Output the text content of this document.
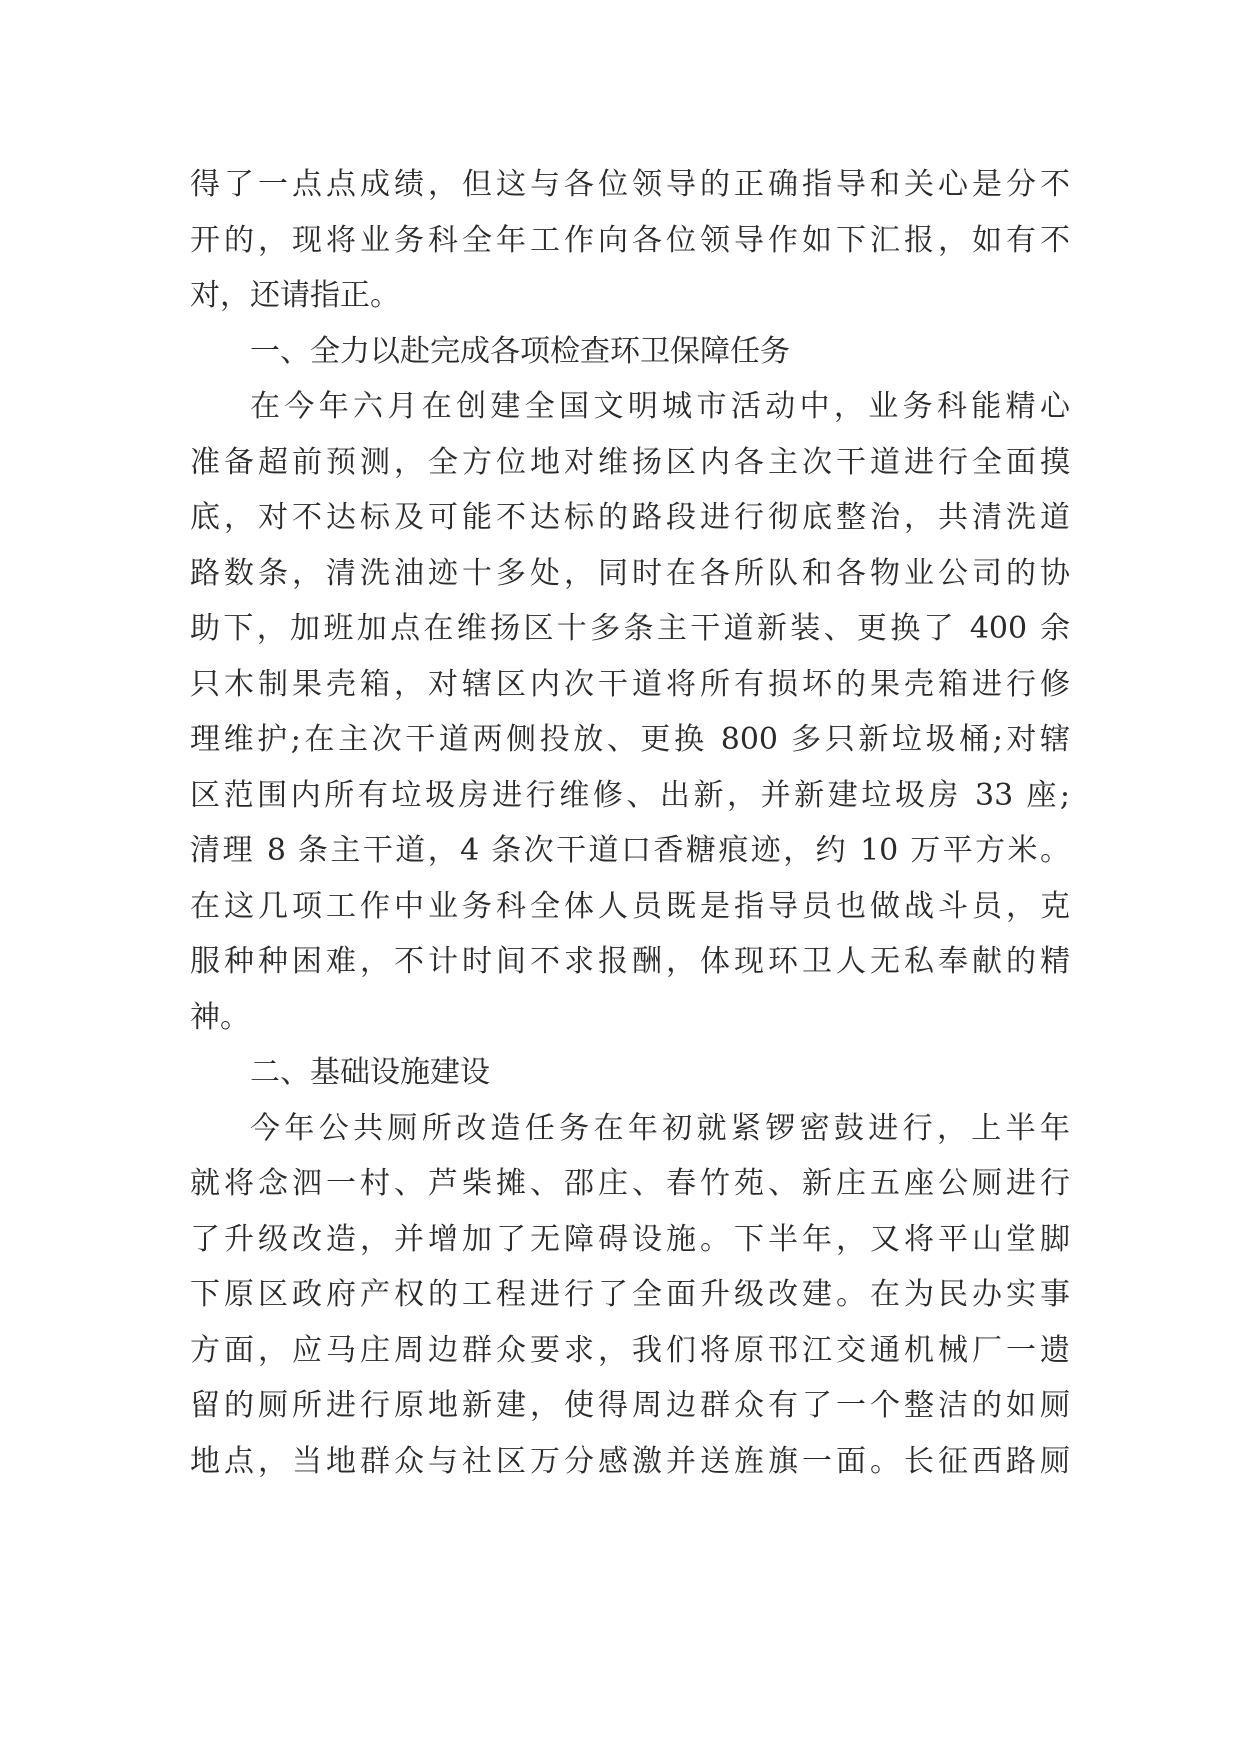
得了一点点成绩，但这与各位领导的正确指导和关心是分不
开的，现将业务科全年工作向各位领导作如下汇报，如有不
对，还请指正。
一、全力以赴完成各项检查环卫保障任务
在今年六月在创建全国文明城市活动中，业务科能精心
准备超前预测，全方位地对维扬区内各主次干道进行全面摸
底，对不达标及可能不达标的路段进行彻底整治，共清洗道
路数条，清洗油迹十多处，同时在各所队和各物业公司的协
助下，加班加点在维扬区十多条主干道新装、更换了 400 余
只木制果壳箱，对辖区内次干道将所有损坏的果壳箱进行修
理维护;在主次干道两侧投放、更换 800 多只新垃圾桶;对辖
区范围内所有垃圾房进行维修、出新，并新建垃圾房 33 座;
清理 8 条主干道，4 条次干道口香糖痕迹，约 10 万平方米。
在这几项工作中业务科全体人员既是指导员也做战斗员，克
服种种困难，不计时间不求报酬，体现环卫人无私奉献的精
神。
二、基础设施建设
今年公共厕所改造任务在年初就紧锣密鼓进行，上半年
就将念泗一村、芦柴摊、邵庄、春竹苑、新庄五座公厕进行
了升级改造，并增加了无障碍设施。下半年，又将平山堂脚
下原区政府产权的工程进行了全面升级改建。在为民办实事
方面，应马庄周边群众要求，我们将原邗江交通机械厂一遗
留的厕所进行原地新建，使得周边群众有了一个整洁的如厕
地点，当地群众与社区万分感激并送旌旗一面。长征西路厕
